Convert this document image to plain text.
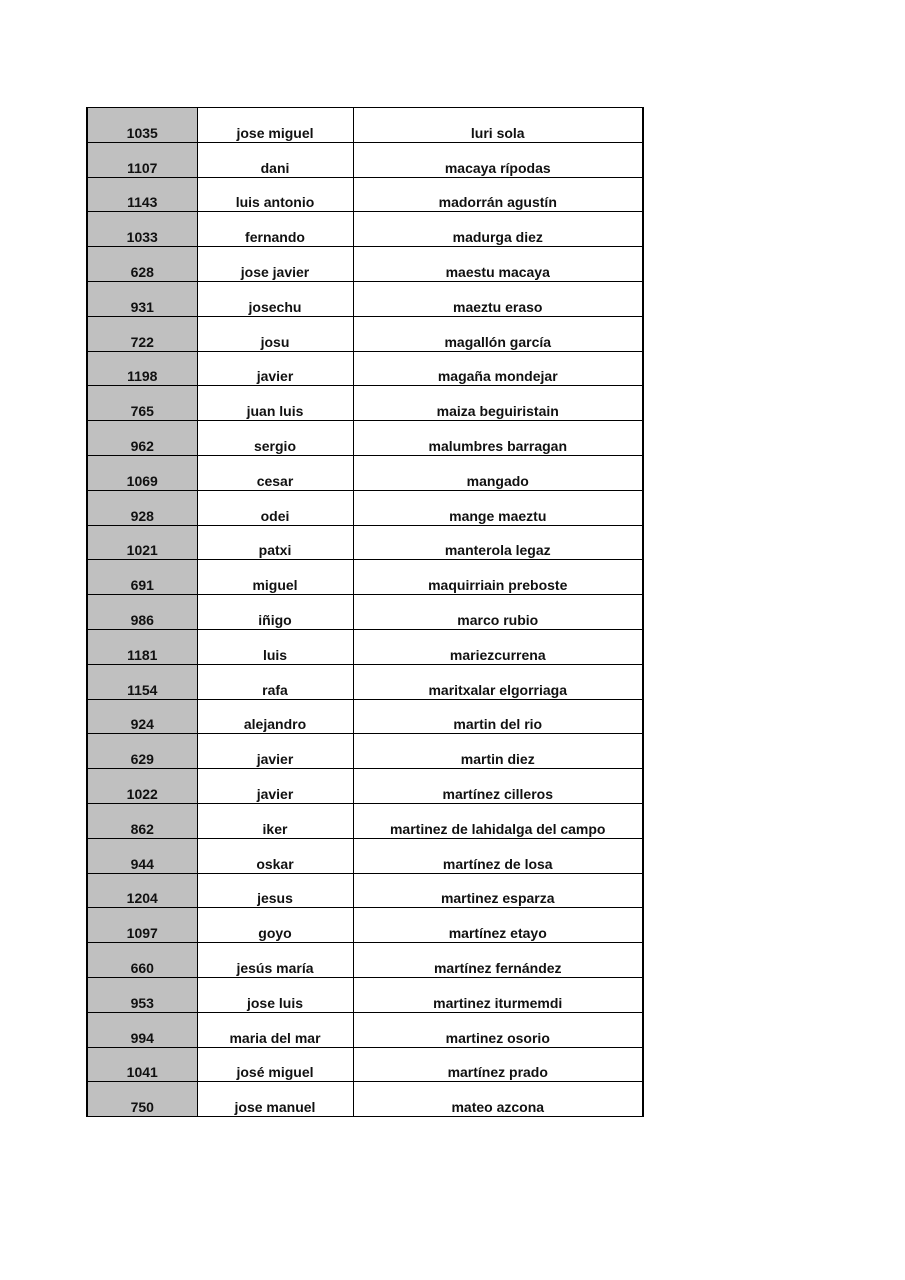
1035	jose miguel	luri sola
1107	dani	macaya rípodas
1143	luis antonio	madorrán agustín
1033	fernando	madurga diez
628	jose javier	maestu macaya
931	josechu	maeztu eraso
722	josu	magallón garcía
1198	javier	magaña mondejar
765	juan luis	maiza beguiristain
962	sergio	malumbres barragan
1069	cesar	mangado
928	odei	mange maeztu
1021	patxi	manterola legaz
691	miguel	maquirriain preboste
986	iñigo	marco rubio
1181	luis	mariezcurrena
1154	rafa	maritxalar elgorriaga
924	alejandro	martin del rio
629	javier	martin diez
1022	javier	martínez cilleros
862	iker	martinez de lahidalga del campo
944	oskar	martínez de losa
1204	jesus	martinez esparza
1097	goyo	martínez etayo
660	jesús maría	martínez fernández
953	jose luis	martinez iturmemdi
994	maria del mar	martinez osorio
1041	josé miguel	martínez prado
750	jose manuel	mateo azcona
